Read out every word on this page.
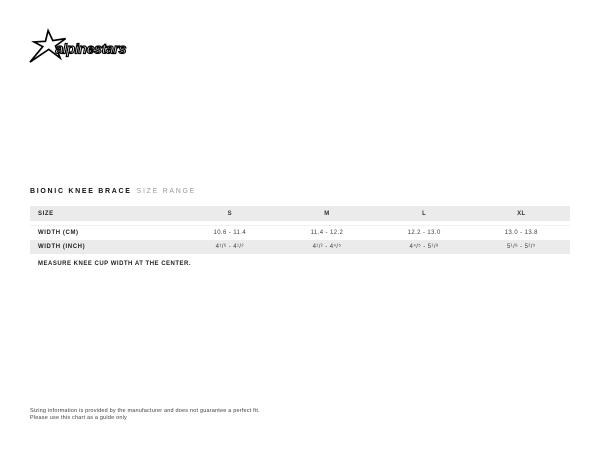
alpinestars
BIONIC KNEE BRACE SIZE RANGE
SIZE	S	M	L	XL
WIDTH (CM)	10.6 - 11.4	11.4 - 12.2	12.2 - 13.0	13.0 - 13.8
WIDTH (INCH)	4¹/⁶ - 4¹/²	4¹/² - 4⁴/⁵	4⁴/⁵ - 5¹/⁸	5¹/⁸ - 5²/⁵
MEASURE KNEE CUP WIDTH AT THE CENTER.
Sizing information is provided by the manufacturer and does not guarantee a perfect fit.
Please use this chart as a guide only
